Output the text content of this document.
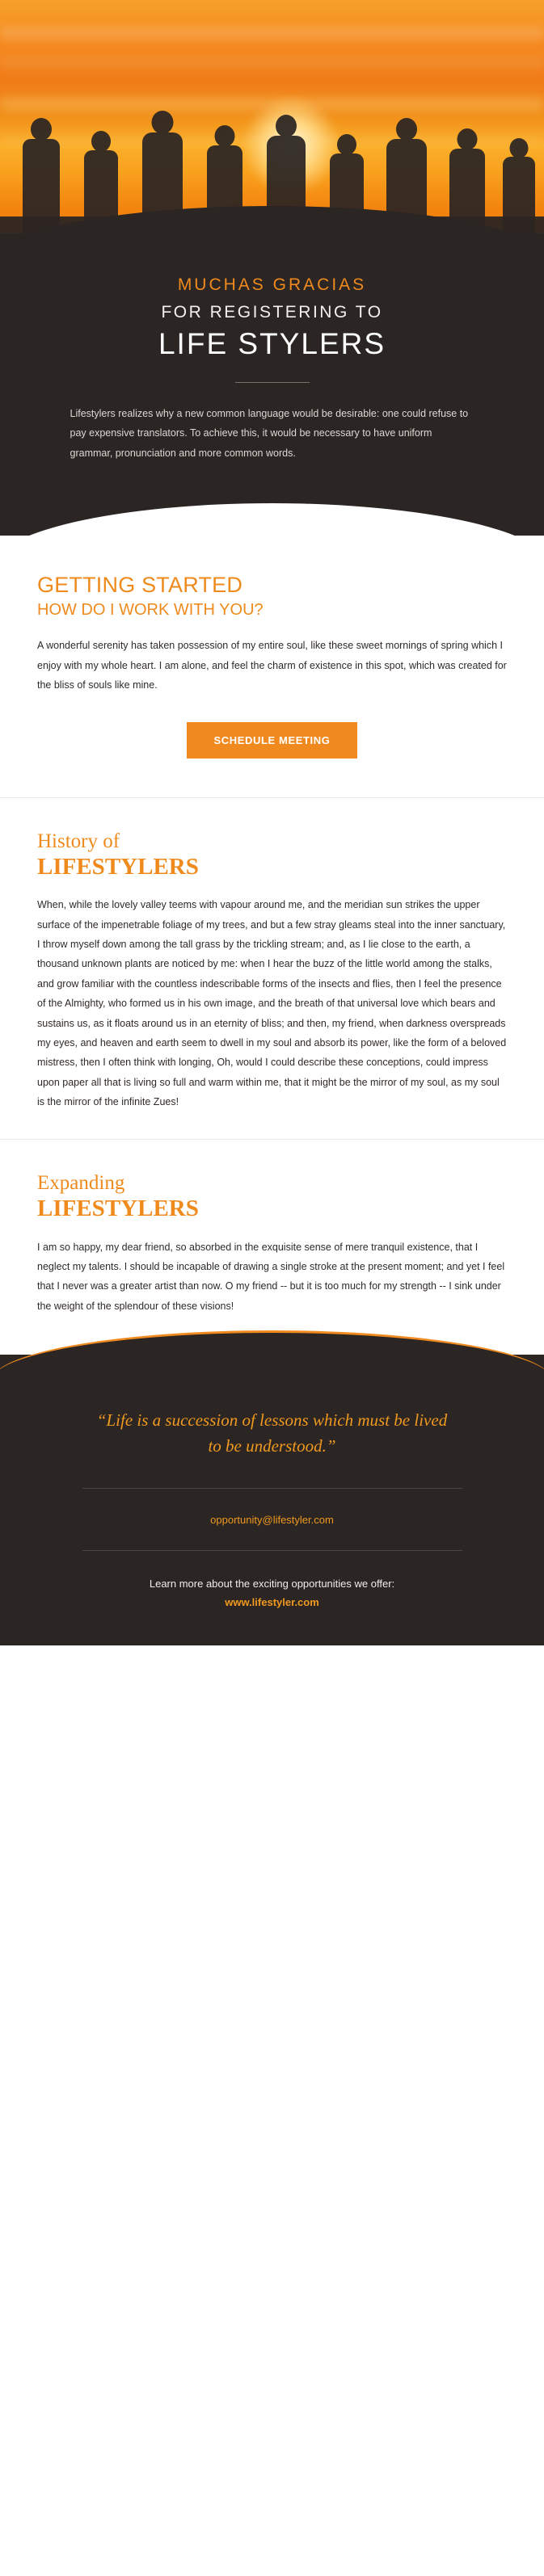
MUCHAS GRACIAS
FOR REGISTERING TO
LIFE STYLERS

Lifestylers realizes why a new common language would be desirable: one could refuse to pay expensive translators. To achieve this, it would be necessary to have uniform grammar, pronunciation and more common words.

GETTING STARTED
HOW DO I WORK WITH YOU?

A wonderful serenity has taken possession of my entire soul, like these sweet mornings of spring which I enjoy with my whole heart. I am alone, and feel the charm of existence in this spot, which was created for the bliss of souls like mine.

SCHEDULE MEETING
History of
LIFESTYLERS

When, while the lovely valley teems with vapour around me, and the meridian sun strikes the upper surface of the impenetrable foliage of my trees, and but a few stray gleams steal into the inner sanctuary, I throw myself down among the tall grass by the trickling stream; and, as I lie close to the earth, a thousand unknown plants are noticed by me: when I hear the buzz of the little world among the stalks, and grow familiar with the countless indescribable forms of the insects and flies, then I feel the presence of the Almighty, who formed us in his own image, and the breath of that universal love which bears and sustains us, as it floats around us in an eternity of bliss; and then, my friend, when darkness overspreads my eyes, and heaven and earth seem to dwell in my soul and absorb its power, like the form of a beloved mistress, then I often think with longing, Oh, would I could describe these conceptions, could impress upon paper all that is living so full and warm within me, that it might be the mirror of my soul, as my soul is the mirror of the infinite Zues!

Expanding
LIFESTYLERS

I am so happy, my dear friend, so absorbed in the exquisite sense of mere tranquil existence, that I neglect my talents. I should be incapable of drawing a single stroke at the present moment; and yet I feel that I never was a greater artist than now. O my friend -- but it is too much for my strength -- I sink under the weight of the splendour of these visions!

“Life is a succession of lessons which must be lived to be understood.”
opportunity@lifestyler.com
Learn more about the exciting opportunities we offer:
www.lifestyler.com
